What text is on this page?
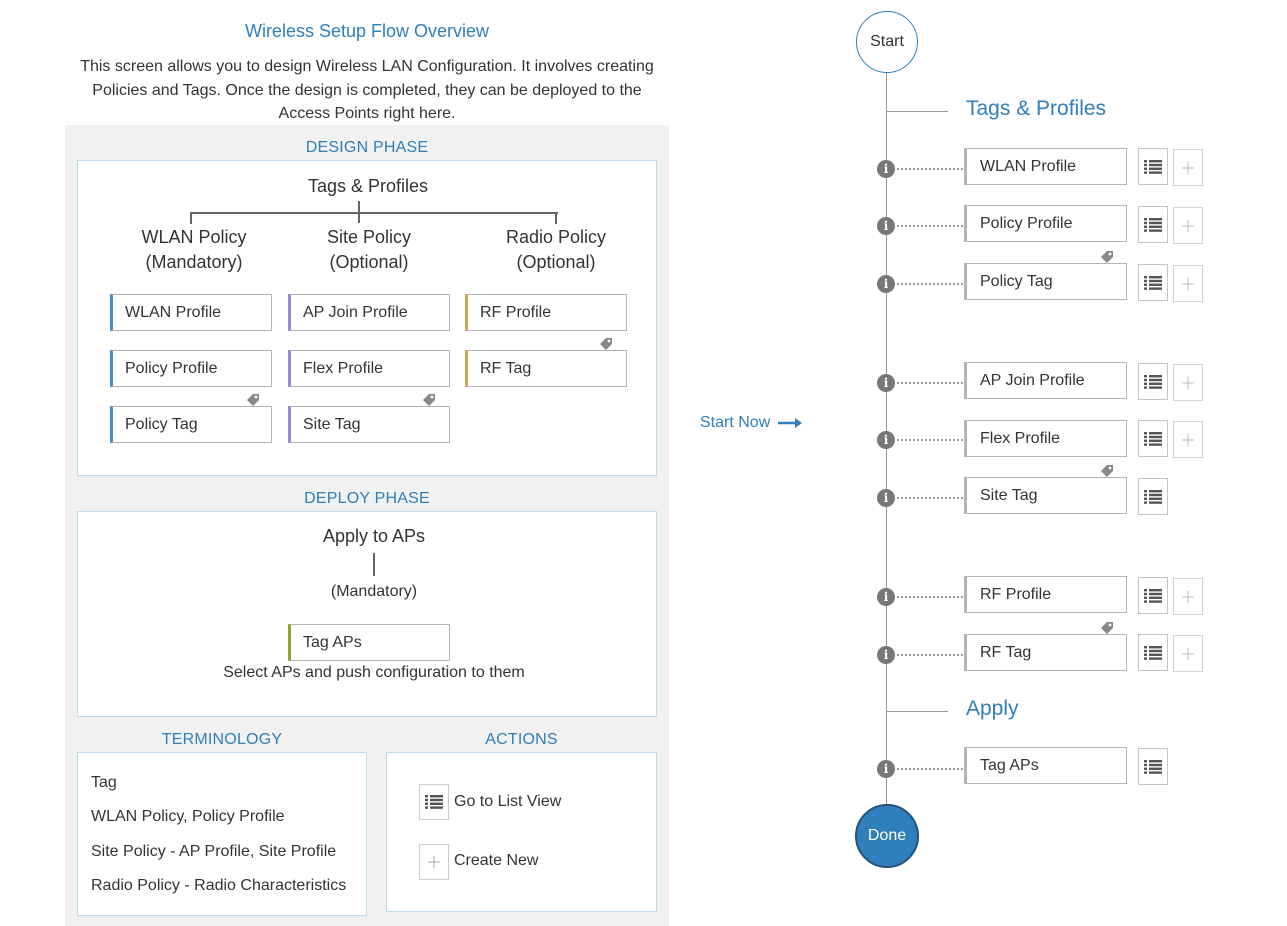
Wireless Setup Flow Overview
This screen allows you to design Wireless LAN Configuration. It involves creating Policies and Tags. Once the design is completed, they can be deployed to the Access Points right here.
DESIGN PHASE
Tags & Profiles
WLAN Policy
(Mandatory)
Site Policy
(Optional)
Radio Policy
(Optional)
WLAN Profile
Policy Profile
Policy Tag
AP Join Profile
Flex Profile
Site Tag
RF Profile
RF Tag
DEPLOY PHASE
Apply to APs
(Mandatory)
Tag APs
Select APs and push configuration to them
TERMINOLOGY
Tag
WLAN Policy, Policy Profile
Site Policy - AP Profile, Site Profile
Radio Policy - Radio Characteristics
ACTIONS
Go to List View
Create New
Start Now
Start
Tags & Profiles
i	WLAN Profile
i	Policy Profile
i	Policy Tag
i	AP Join Profile
i	Flex Profile
i	Site Tag
i	RF Profile
i	RF Tag
Apply
i	Tag APs
Done
